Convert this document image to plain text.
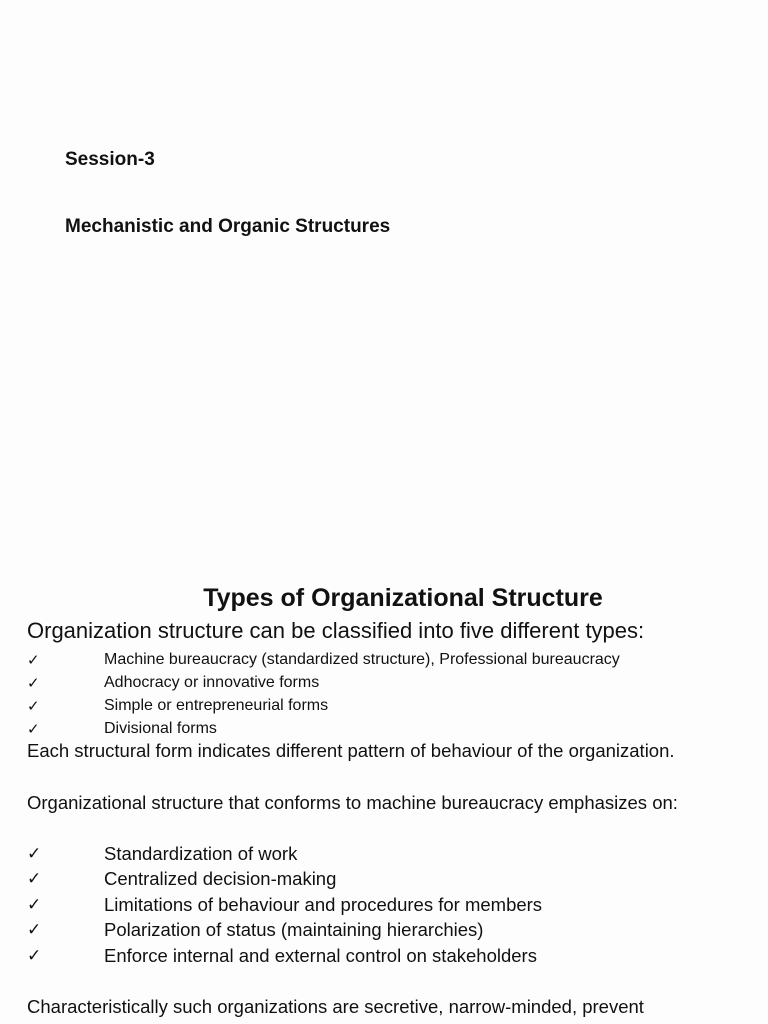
Session-3
Mechanistic and Organic Structures
Types of Organizational Structure
Organization structure can be classified into five different types:
✓	Machine bureaucracy (standardized structure), Professional bureaucracy
✓	Adhocracy or innovative forms
✓	Simple or entrepreneurial forms
✓	Divisional forms
Each structural form indicates different pattern of behaviour of the organization.
Organizational structure that conforms to machine bureaucracy emphasizes on:
✓	Standardization of work
✓	Centralized decision-making
✓	Limitations of behaviour and procedures for members
✓	Polarization of status (maintaining hierarchies)
✓	Enforce internal and external control on stakeholders
Characteristically such organizations are secretive, narrow-minded, prevent
